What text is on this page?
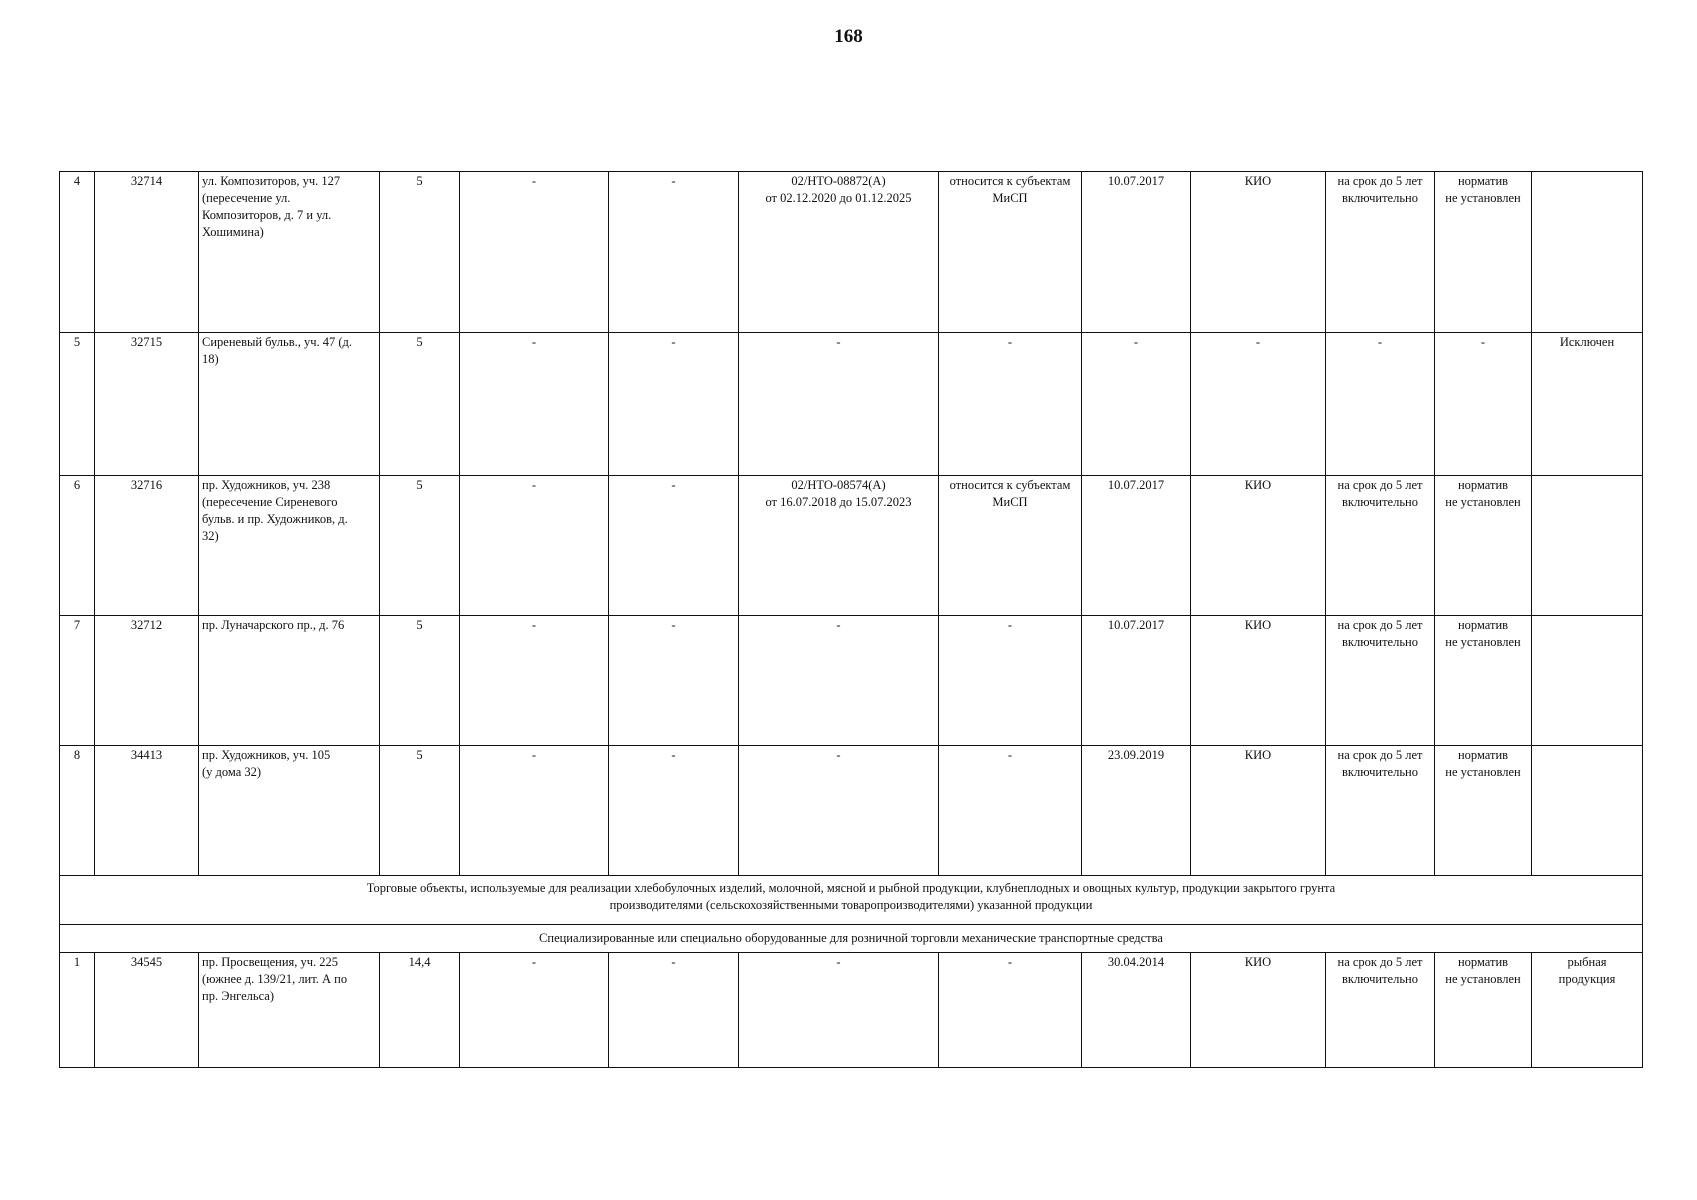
168
4	32714	ул. Композиторов, уч. 127
(пересечение ул.
Композиторов, д. 7 и ул.
Хошимина)	5	-	-	02/НТО-08872(А)
от 02.12.2020 до 01.12.2025	относится к субъектам
МиСП	10.07.2017	КИО	на срок до 5 лет
включительно	норматив
не установлен	
5	32715	Сиреневый бульв., уч. 47 (д.
18)	5	-	-	-	-	-	-	-	-	Исключен
6	32716	пр. Художников, уч. 238
(пересечение Сиреневого
бульв. и пр. Художников, д.
32)	5	-	-	02/НТО-08574(А)
от 16.07.2018 до 15.07.2023	относится к субъектам
МиСП	10.07.2017	КИО	на срок до 5 лет
включительно	норматив
не установлен	
7	32712	пр. Луначарского пр., д. 76	5	-	-	-	-	10.07.2017	КИО	на срок до 5 лет
включительно	норматив
не установлен	
8	34413	пр. Художников, уч. 105
(у дома 32)	5	-	-	-	-	23.09.2019	КИО	на срок до 5 лет
включительно	норматив
не установлен	
Торговые объекты, используемые для реализации хлебобулочных изделий, молочной, мясной и рыбной продукции, клубнеплодных и овощных культур, продукции закрытого грунта
производителями (сельскохозяйственными товаропроизводителями) указанной продукции												
Специализированные или специально оборудованные для розничной торговли механические транспортные средства												
1	34545	пр. Просвещения, уч. 225
(южнее д. 139/21, лит. А по
пр. Энгельса)	14,4	-	-	-	-	30.04.2014	КИО	на срок до 5 лет
включительно	норматив
не установлен	рыбная
продукция
